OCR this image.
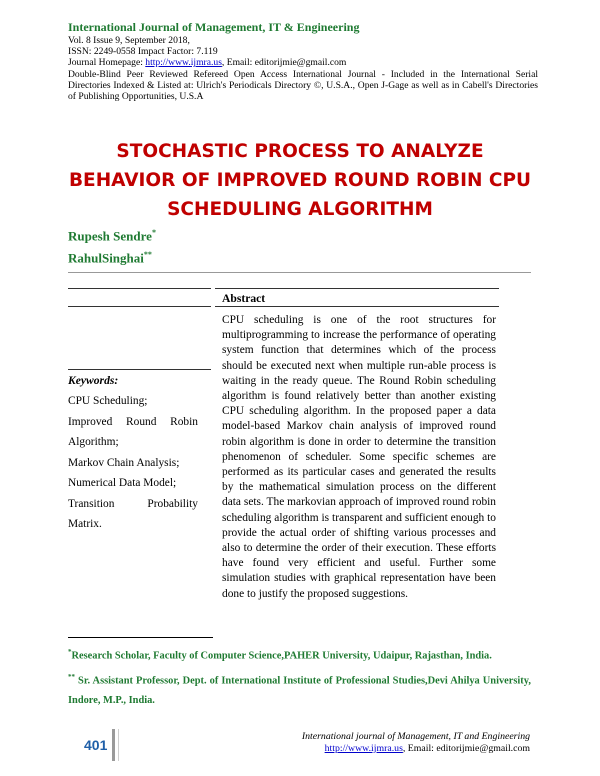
International Journal of Management, IT & Engineering
Vol. 8 Issue 9, September 2018,
ISSN: 2249-0558 Impact Factor: 7.119
Journal Homepage: http://www.ijmra.us, Email: editorijmie@gmail.com
Double-Blind Peer Reviewed Refereed Open Access International Journal - Included in the International Serial Directories Indexed & Listed at: Ulrich's Periodicals Directory ©, U.S.A., Open J-Gage as well as in Cabell's Directories of Publishing Opportunities, U.S.A
STOCHASTIC PROCESS TO ANALYZE BEHAVIOR OF IMPROVED ROUND ROBIN CPU SCHEDULING ALGORITHM
Rupesh Sendre*
RahulSinghai**
Abstract
CPU scheduling is one of the root structures for multiprogramming to increase the performance of operating system function that determines which of the process should be executed next when multiple run-able process is waiting in the ready queue. The Round Robin scheduling algorithm is found relatively better than another existing CPU scheduling algorithm. In the proposed paper a data model-based Markov chain analysis of improved round robin algorithm is done in order to determine the transition phenomenon of scheduler. Some specific schemes are performed as its particular cases and generated the results by the mathematical simulation process on the different data sets. The markovian approach of improved round robin scheduling algorithm is transparent and sufficient enough to provide the actual order of shifting various processes and also to determine the order of their execution. These efforts have found very efficient and useful. Further some simulation studies with graphical representation have been done to justify the proposed suggestions.
Keywords:
CPU Scheduling;
Improved Round Robin
Algorithm;
Markov Chain Analysis;
Numerical Data Model;
Transition Probability
Matrix.
*Research Scholar, Faculty of Computer Science,PAHER University, Udaipur, Rajasthan, India.
** Sr. Assistant Professor, Dept. of International Institute of Professional Studies,Devi Ahilya University, Indore, M.P., India.
401
International journal of Management, IT and Engineering
http://www.ijmra.us, Email: editorijmie@gmail.com
